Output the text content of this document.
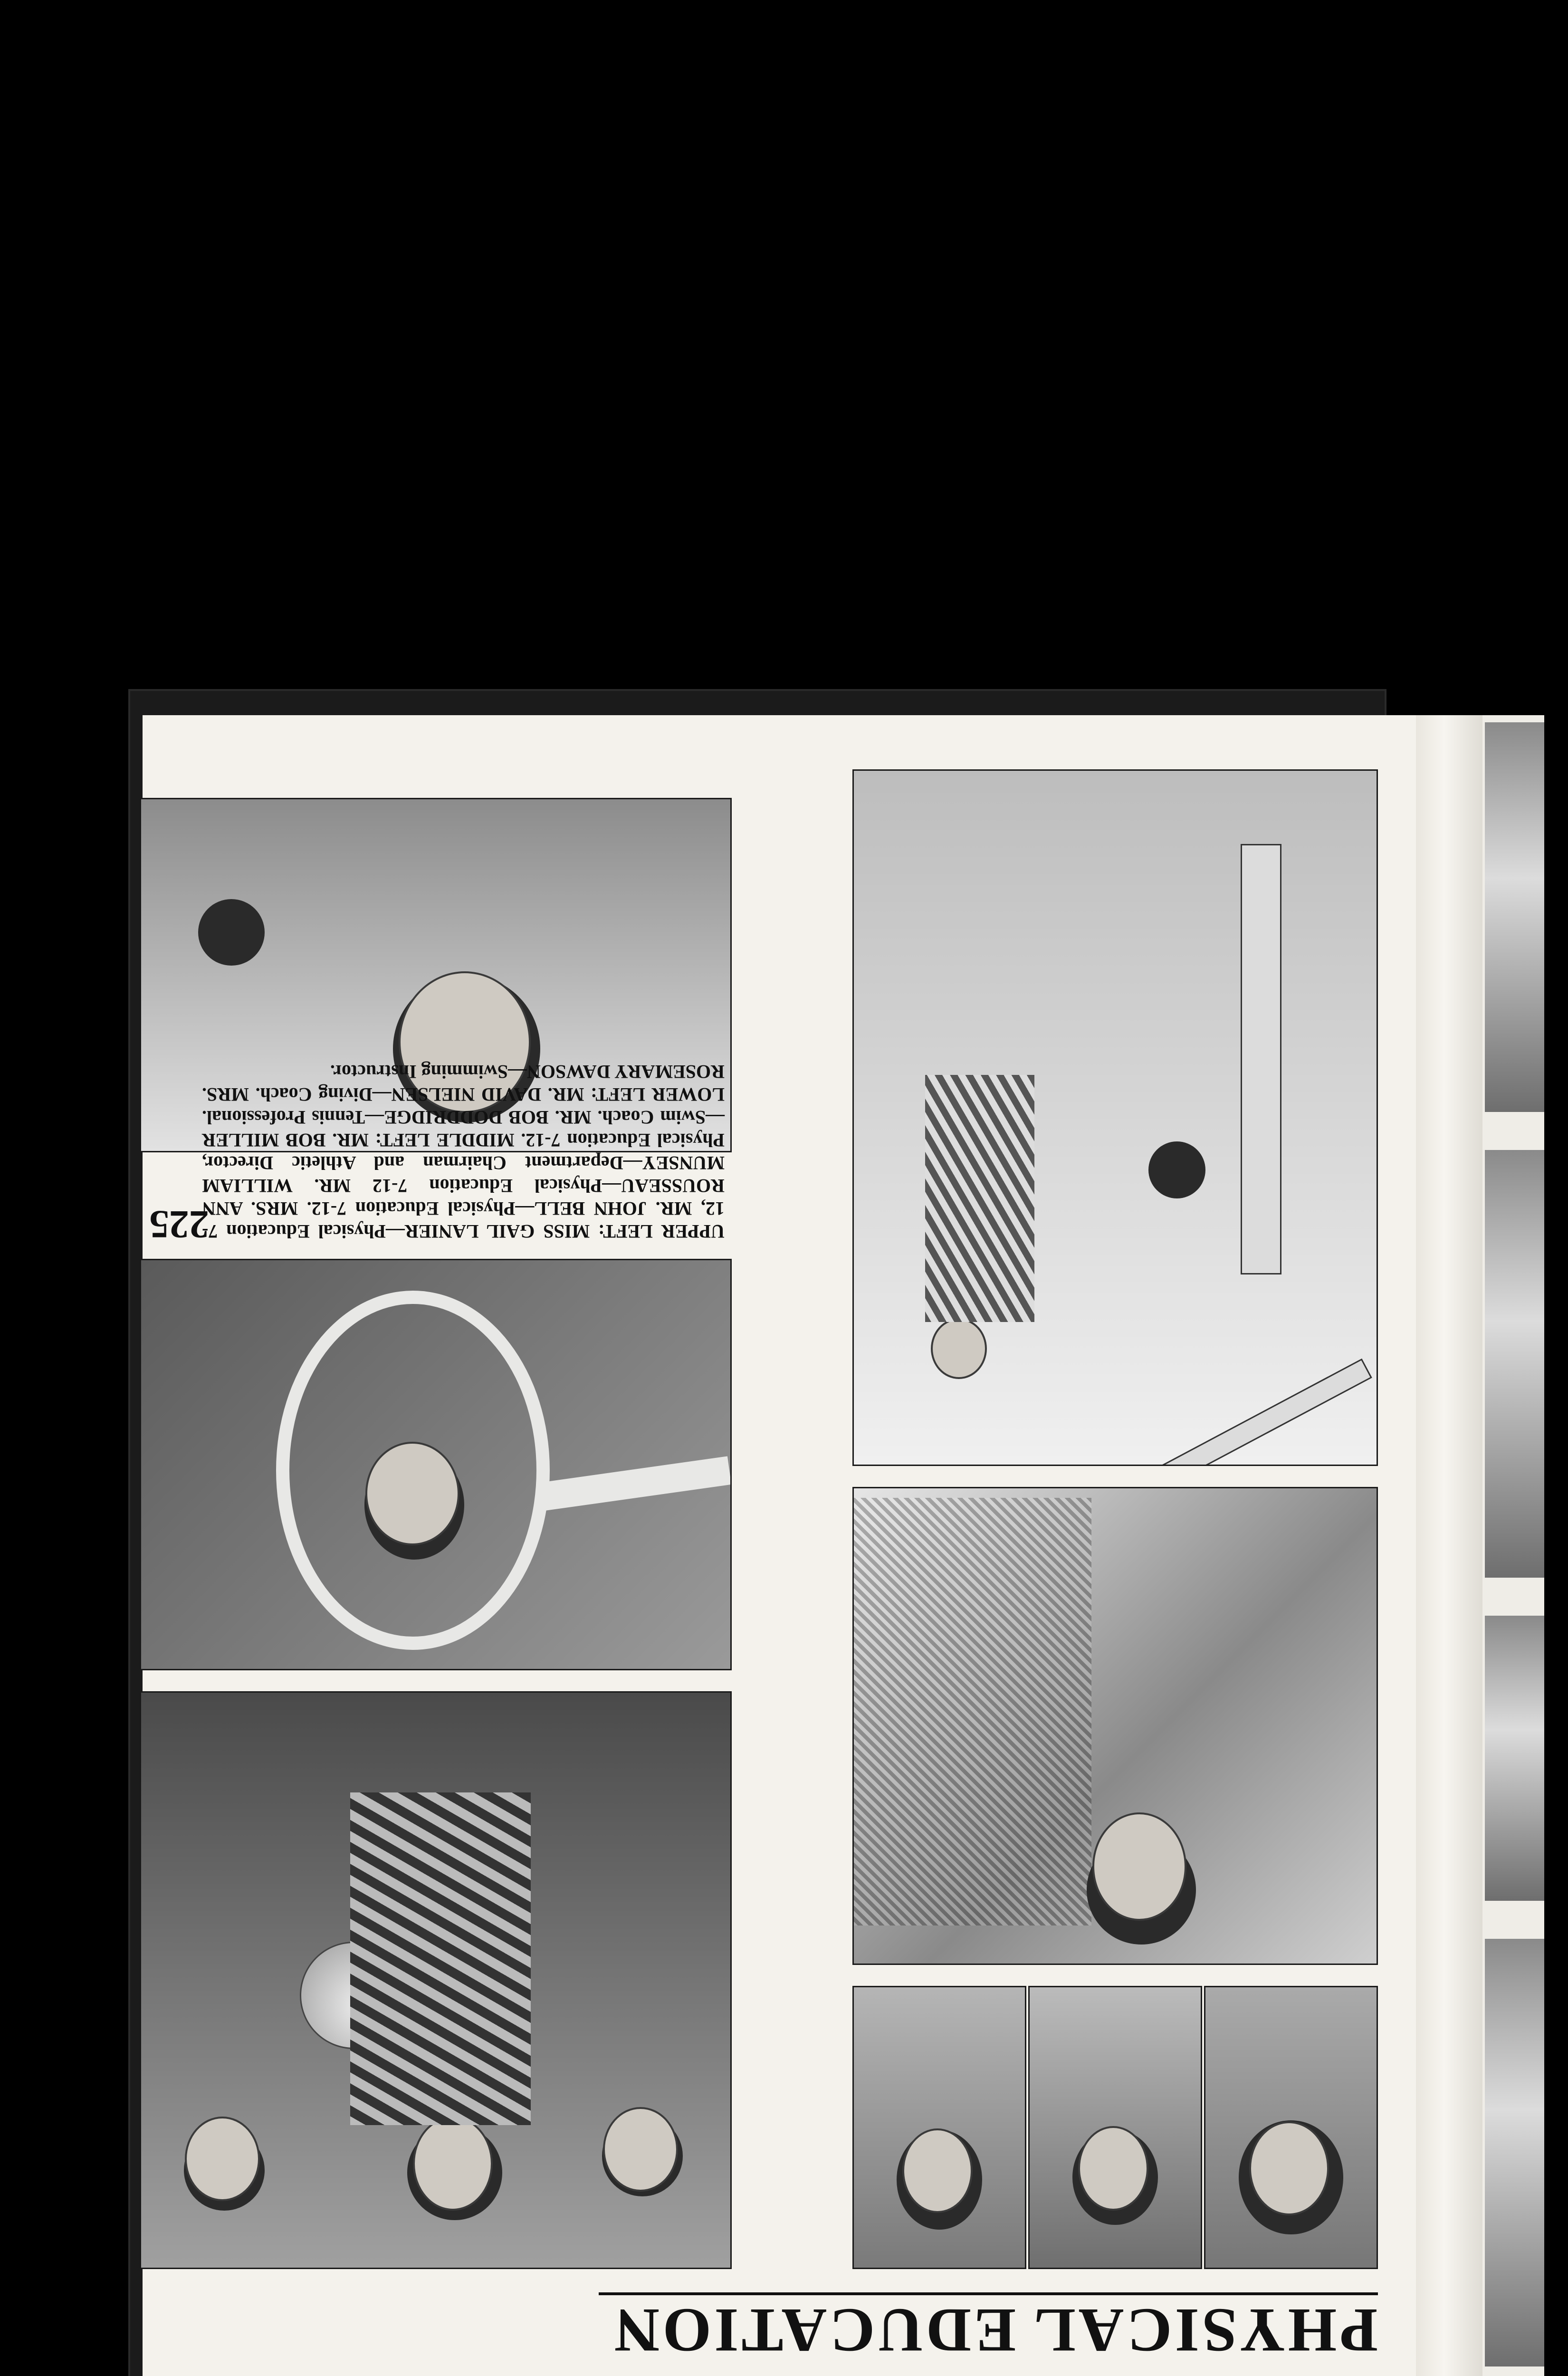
PHYSICAL EDUCATION
UPPER LEFT: MISS GAIL LANIER—Physical Education 7-12, MR. JOHN BELL—Physical Education 7-12. MRS. ANN ROUSSEAU—Physical Education 7-12 MR. WILLIAM MUNSEY—Department Chairman and Athletic Director, Physical Education 7-12. MIDDLE LEFT: MR. BOB MILLER—Swim Coach. MR. BOB DODDRIDGE—Tennis Professional. LOWER LEFT: MR. DAVID NIELSEN—Diving Coach. MRS. ROSEMARY DAWSON—Swimming Instructor.
225
